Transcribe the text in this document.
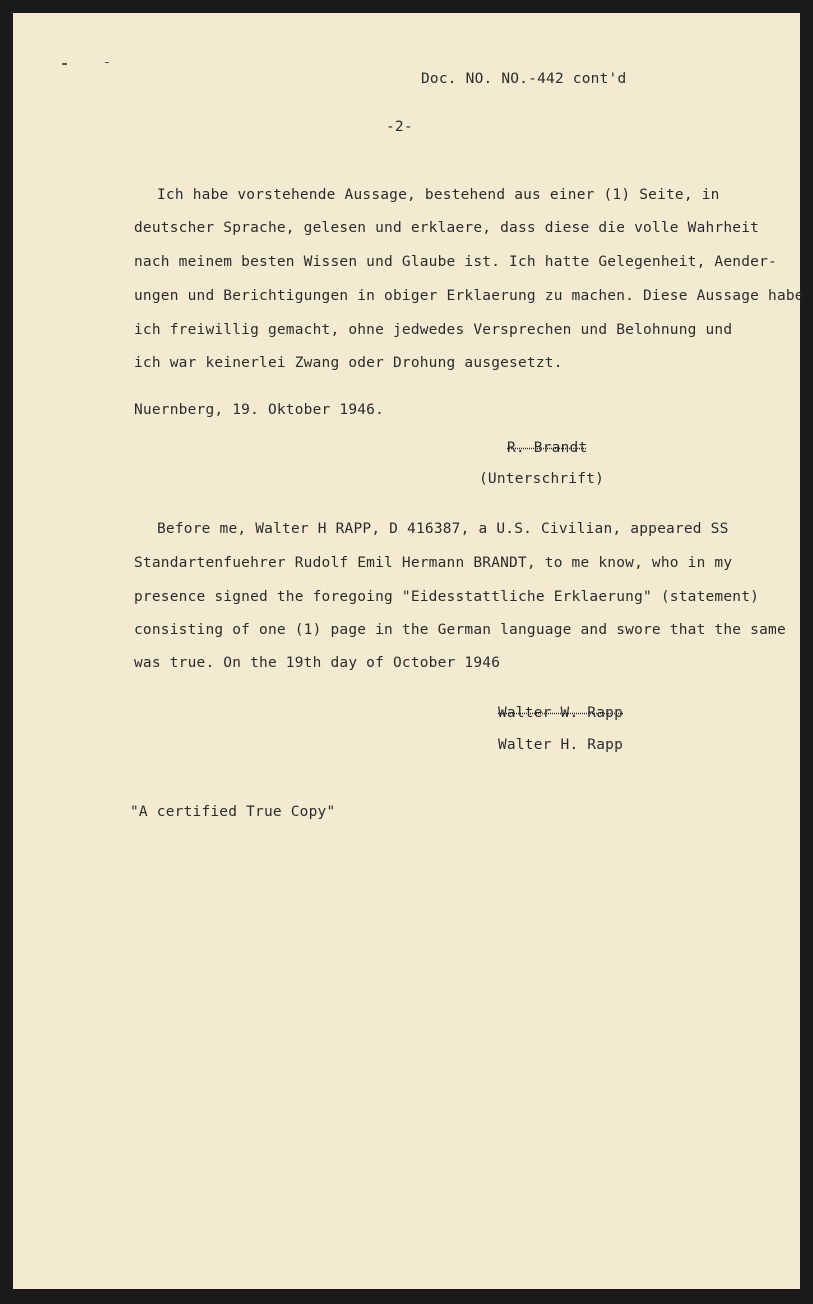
Doc. NO. NO.-442 cont'd
-2-
Ich habe vorstehende Aussage, bestehend aus einer (1) Seite, in
deutscher Sprache, gelesen und erklaere, dass diese die volle Wahrheit
nach meinem besten Wissen und Glaube ist. Ich hatte Gelegenheit, Aender-
ungen und Berichtigungen in obiger Erklaerung zu machen. Diese Aussage habe
ich freiwillig gemacht, ohne jedwedes Versprechen und Belohnung und
ich war keinerlei Zwang oder Drohung ausgesetzt.
Nuernberg, 19. Oktober 1946.
R. Brandt
(Unterschrift)
Before me, Walter H RAPP, D 416387, a U.S. Civilian, appeared SS
Standartenfuehrer Rudolf Emil Hermann BRANDT, to me know, who in my
presence signed the foregoing "Eidesstattliche Erklaerung" (statement)
consisting of one (1) page in the German language and swore that the same
was true. On the 19th day of October 1946
Walter W. Rapp
Walter H. Rapp
"A certified True Copy"
